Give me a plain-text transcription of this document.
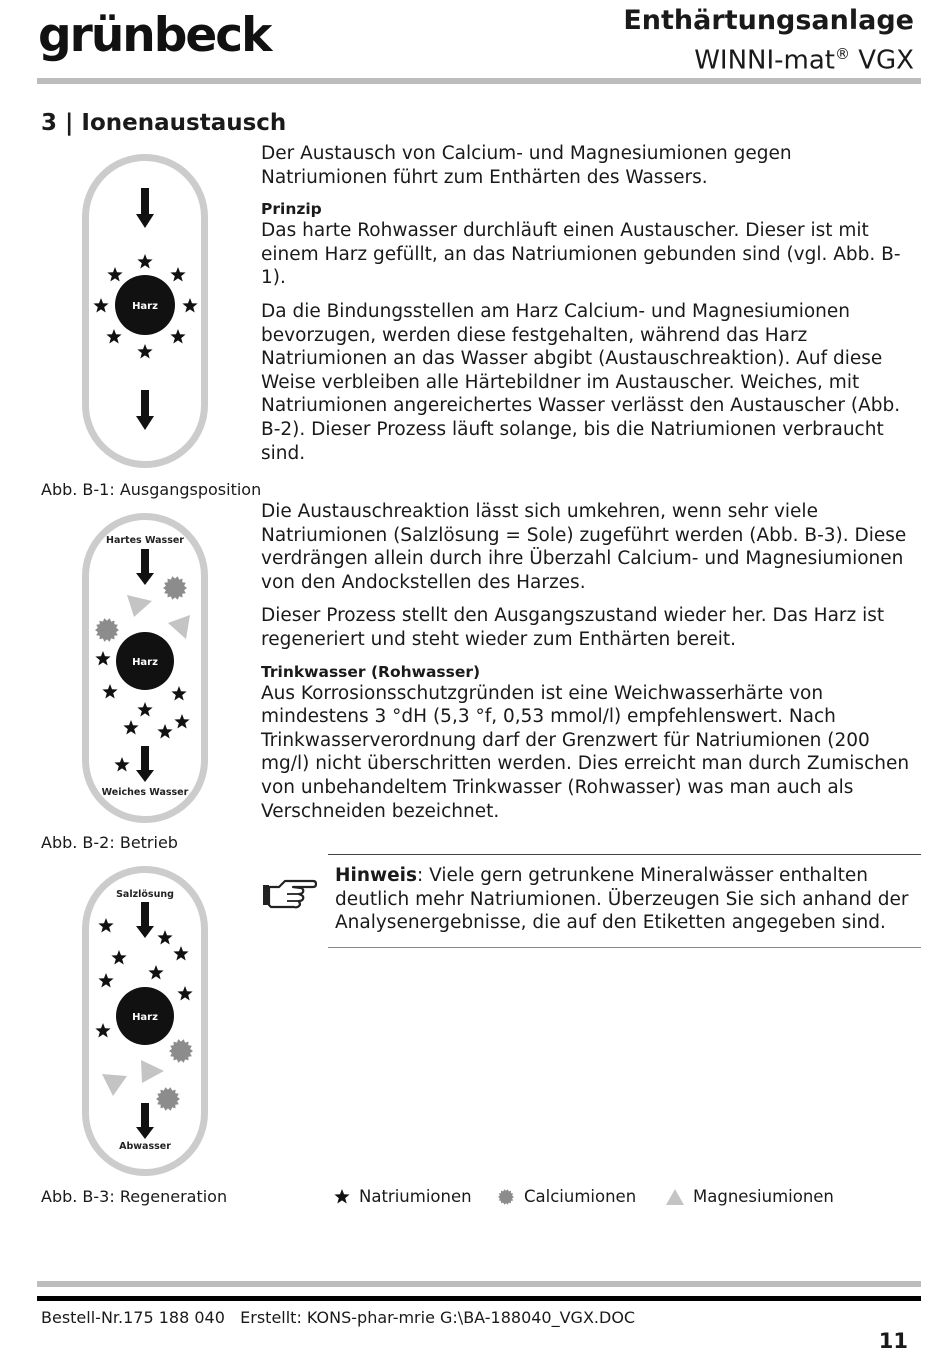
grünbeck	Enthärtungsanlage
WINNI-mat® VGX
3 | Ionenaustausch

Der Austausch von Calcium- und Magnesiumionen gegen Natriumionen führt zum Enthärten des Wassers.

Prinzip

Das harte Rohwasser durchläuft einen Austauscher. Dieser ist mit einem Harz gefüllt, an das Natriumionen gebunden sind (vgl. Abb. B-1).

Da die Bindungsstellen am Harz Calcium- und Magnesiumionen bevorzugen, werden diese festgehalten, während das Harz Natriumionen an das Wasser abgibt (Austauschreaktion). Auf diese Weise verbleiben alle Härtebildner im Austauscher. Weiches, mit Natriumionen angereichertes Wasser verlässt den Austauscher (Abb. B-2). Dieser Prozess läuft solange, bis die Natriumionen verbraucht sind.

Die Austauschreaktion lässt sich umkehren, wenn sehr viele Natriumionen (Salzlösung = Sole) zugeführt werden (Abb. B-3). Diese verdrängen allein durch ihre Überzahl Calcium- und Magnesiumionen von den Andockstellen des Harzes.

Dieser Prozess stellt den Ausgangszustand wieder her. Das Harz ist regeneriert und steht wieder zum Enthärten bereit.

Trinkwasser (Rohwasser)

Aus Korrosionsschutzgründen ist eine Weichwasserhärte von mindestens 3 °dH (5,3 °f, 0,53 mmol/l) empfehlenswert. Nach Trinkwasserverordnung darf der Grenzwert für Natriumionen (200 mg/l) nicht überschritten werden. Dies erreicht man durch Zumischen von unbehandeltem Trinkwasser (Rohwasser) was man auch als Verschneiden bezeichnet.

Hinweis: Viele gern getrunkene Mineralwässer enthalten deutlich mehr Natriumionen. Überzeugen Sie sich anhand der Analysenergebnisse, die auf den Etiketten angegeben sind.
Harz
Abb. B-1: Ausgangsposition
Hartes Wasser
Harz
Weiches Wasser
Abb. B-2: Betrieb
Salzlösung
Harz
Abwasser
Abb. B-3: Regeneration	Natriumionen	Calciumionen	Magnesiumionen
Bestell-Nr.175 188 040   Erstellt: KONS-phar-mrie G:\BA-188040_VGX.DOC
11
